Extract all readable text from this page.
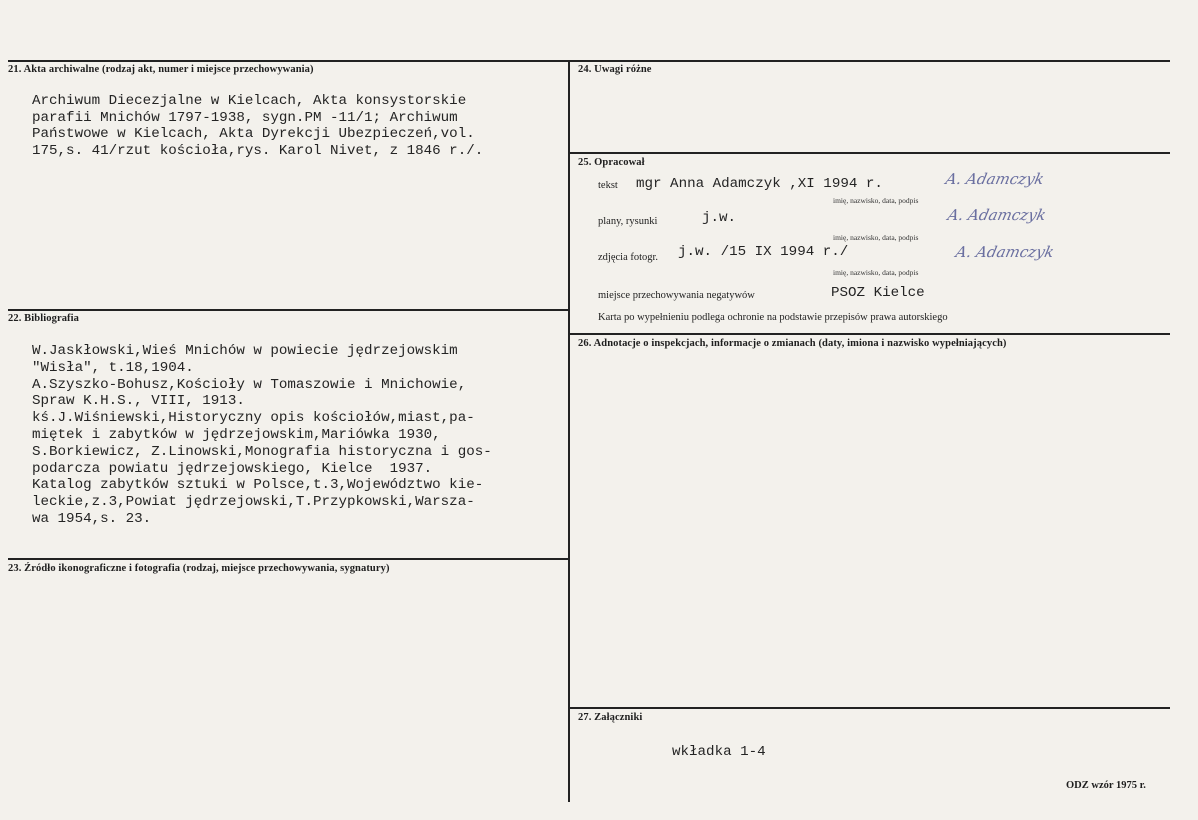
21. Akta archiwalne (rodzaj akt, numer i miejsce przechowywania)
Archiwum Diecezjalne w Kielcach, Akta konsystorskie
parafii Mnichów 1797-1938, sygn.PM -11/1; Archiwum
Państwowe w Kielcach, Akta Dyrekcji Ubezpieczeń,vol.
175,s. 41/rzut kościoła,rys. Karol Nivet, z 1846 r./.
22. Bibliografia
W.Jaskłowski,Wieś Mnichów w powiecie jędrzejowskim
"Wisła", t.18,1904.
A.Szyszko-Bohusz,Kościoły w Tomaszowie i Mnichowie,
Spraw K.H.S., VIII, 1913.
kś.J.Wiśniewski,Historyczny opis kościołów,miast,pa-
miętek i zabytków w jędrzejowskim,Mariówka 1930,
S.Borkiewicz, Z.Linowski,Monografia historyczna i gos-
podarcza powiatu jędrzejowskiego, Kielce  1937.
Katalog zabytków sztuki w Polsce,t.3,Województwo kie-
leckie,z.3,Powiat jędrzejowski,T.Przypkowski,Warsza-
wa 1954,s. 23.
23. Źródło ikonograficzne i fotografia (rodzaj, miejsce przechowywania, sygnatury)
24. Uwagi różne
25. Opracował
tekst mgr Anna Adamczyk ,XI 1994 r.	A. Adamczyk
imię, nazwisko, data, podpis
plany, rysunki	j.w.	A. Adamczyk
imię, nazwisko, data, podpis
zdjęcia fotogr. j.w. /15 IX 1994 r./	A. Adamczyk
imię, nazwisko, data, podpis
miejsce przechowywania negatywów	PSOZ Kielce
Karta po wypełnieniu podlega ochronie na podstawie przepisów prawa autorskiego
26. Adnotacje o inspekcjach, informacje o zmianach (daty, imiona i nazwisko wypełniających)
27. Załączniki
wkładka 1-4
ODZ wzór 1975 r.
